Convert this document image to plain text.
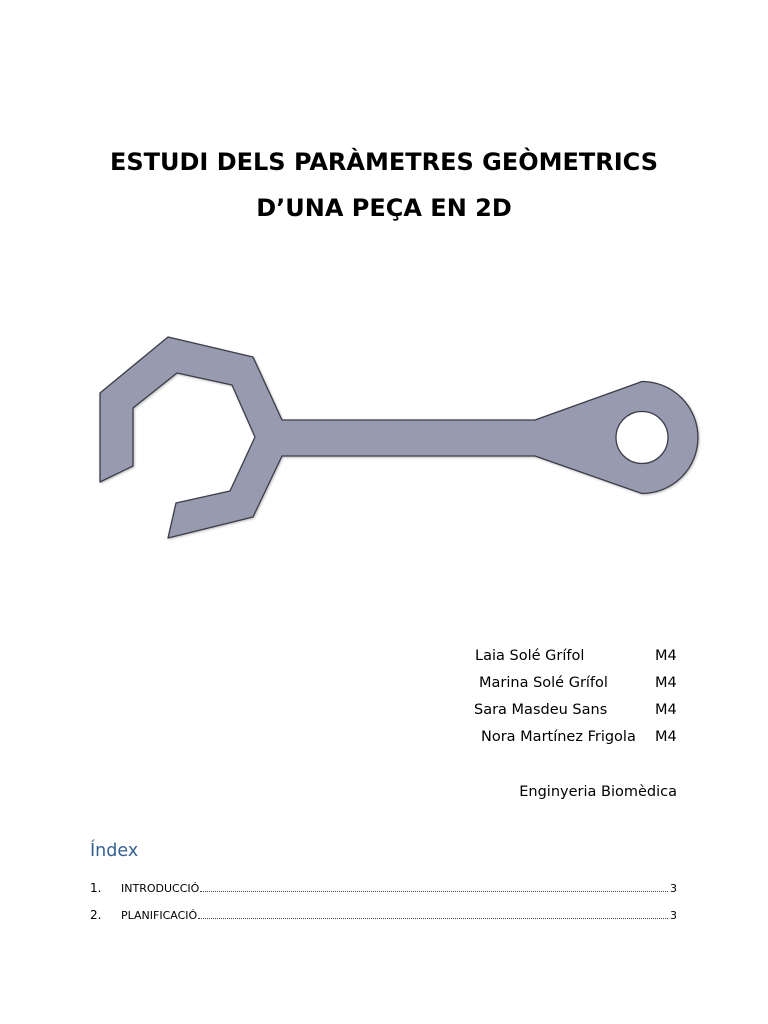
ESTUDI DELS PARÀMETRES GEÒMETRICS
D’UNA PEÇA EN 2D
Laia Solé Grífol	M4
Marina Solé Grífol	M4
Sara Masdeu Sans	M4
Nora Martínez Frigola M4
Enginyeria Biomèdica
Índex
1.	INTRODUCCIÓ	3
2.	PLANIFICACIÓ	3
